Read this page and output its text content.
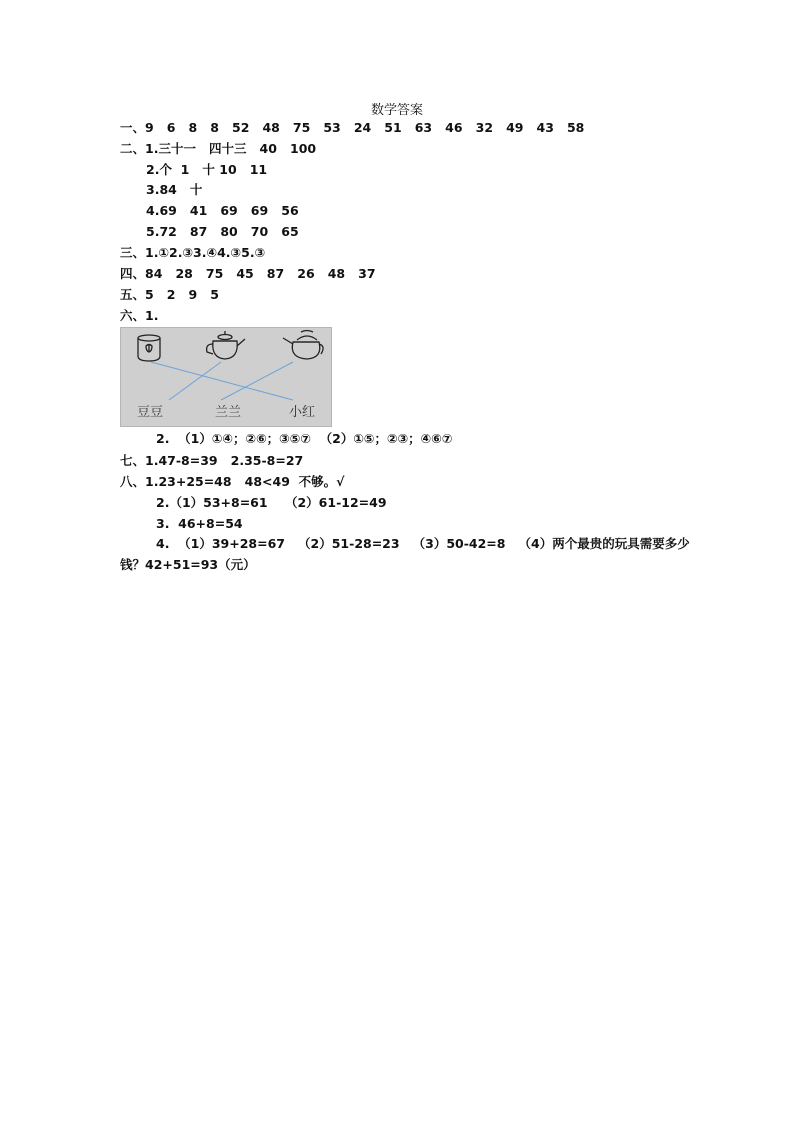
数学答案
一、9   6   8   8   52   48   75   53   24   51   63   46   32   49   43   58
二、1.三十一   四十三   40   100
2.个  1   十 10   11
3.84   十
4.69   41   69   69   56
5.72   87   80   70   65
三、1.①2.③3.④4.③5.③
四、84   28   75   45   87   26   48   37
五、5   2   9   5
六、1.
豆豆	兰兰	小红
2.  （1）①④；②⑥；③⑤⑦  （2）①⑤；②③；④⑥⑦
七、1.47-8=39   2.35-8=27
八、1.23+25=48   48<49  不够。√
2.（1）53+8=61    （2）61-12=49
3.  46+8=54
4.  （1）39+28=67   （2）51-28=23   （3）50-42=8   （4）两个最贵的玩具需要多少
钱？42+51=93（元）
